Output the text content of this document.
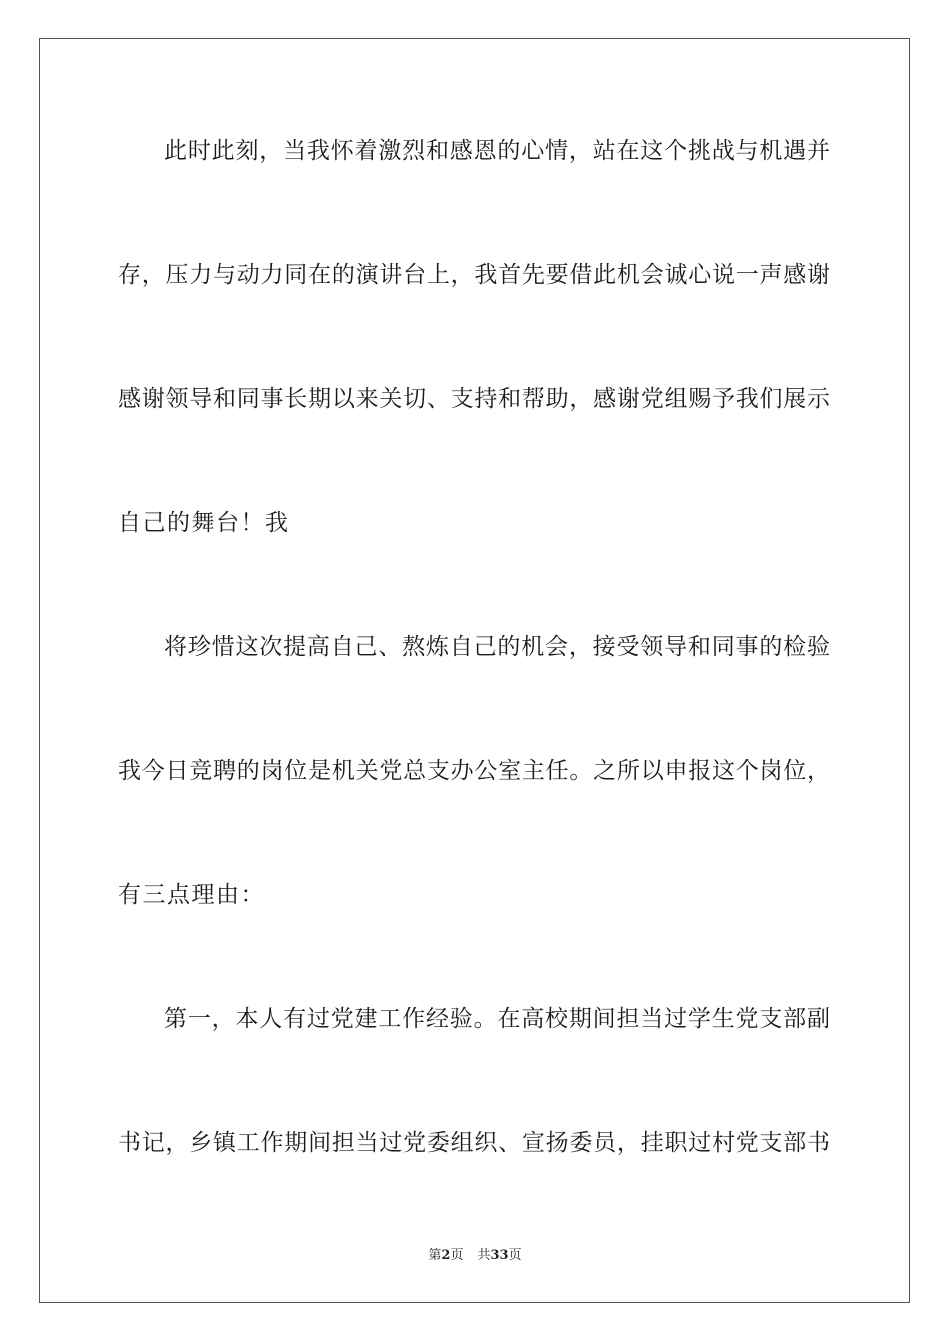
此时此刻，当我怀着激烈和感恩的心情，站在这个挑战与机遇并
存，压力与动力同在的演讲台上，我首先要借此机会诚心说一声感谢
感谢领导和同事长期以来关切、支持和帮助，感谢党组赐予我们展示
自己的舞台！我
将珍惜这次提高自己、熬炼自己的机会，接受领导和同事的检验
我今日竞聘的岗位是机关党总支办公室主任。之所以申报这个岗位，
有三点理由：
第一，本人有过党建工作经验。在高校期间担当过学生党支部副
书记，乡镇工作期间担当过党委组织、宣扬委员，挂职过村党支部书
第2页 共33页
